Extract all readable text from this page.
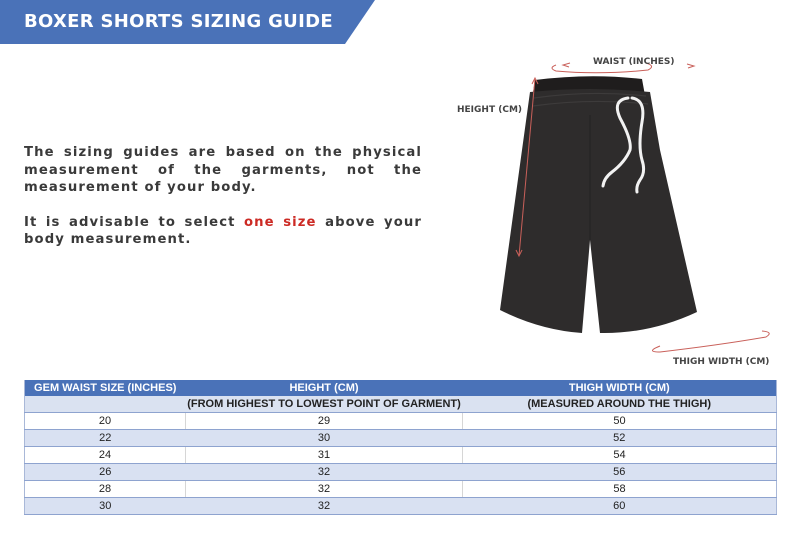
BOXER SHORTS SIZING GUIDE

The sizing guides are based on the physical measurement of the garments, not the measurement of your body.

It is advisable to select one size above your body measurement.

WAIST (INCHES)
HEIGHT (CM)
THIGH WIDTH (CM)
GEM WAIST SIZE (INCHES)	HEIGHT (CM)	THIGH WIDTH (CM)
	(FROM HIGHEST TO LOWEST POINT OF GARMENT)	(MEASURED AROUND THE THIGH)
20	29	50
22	30	52
24	31	54
26	32	56
28	32	58
30	32	60
